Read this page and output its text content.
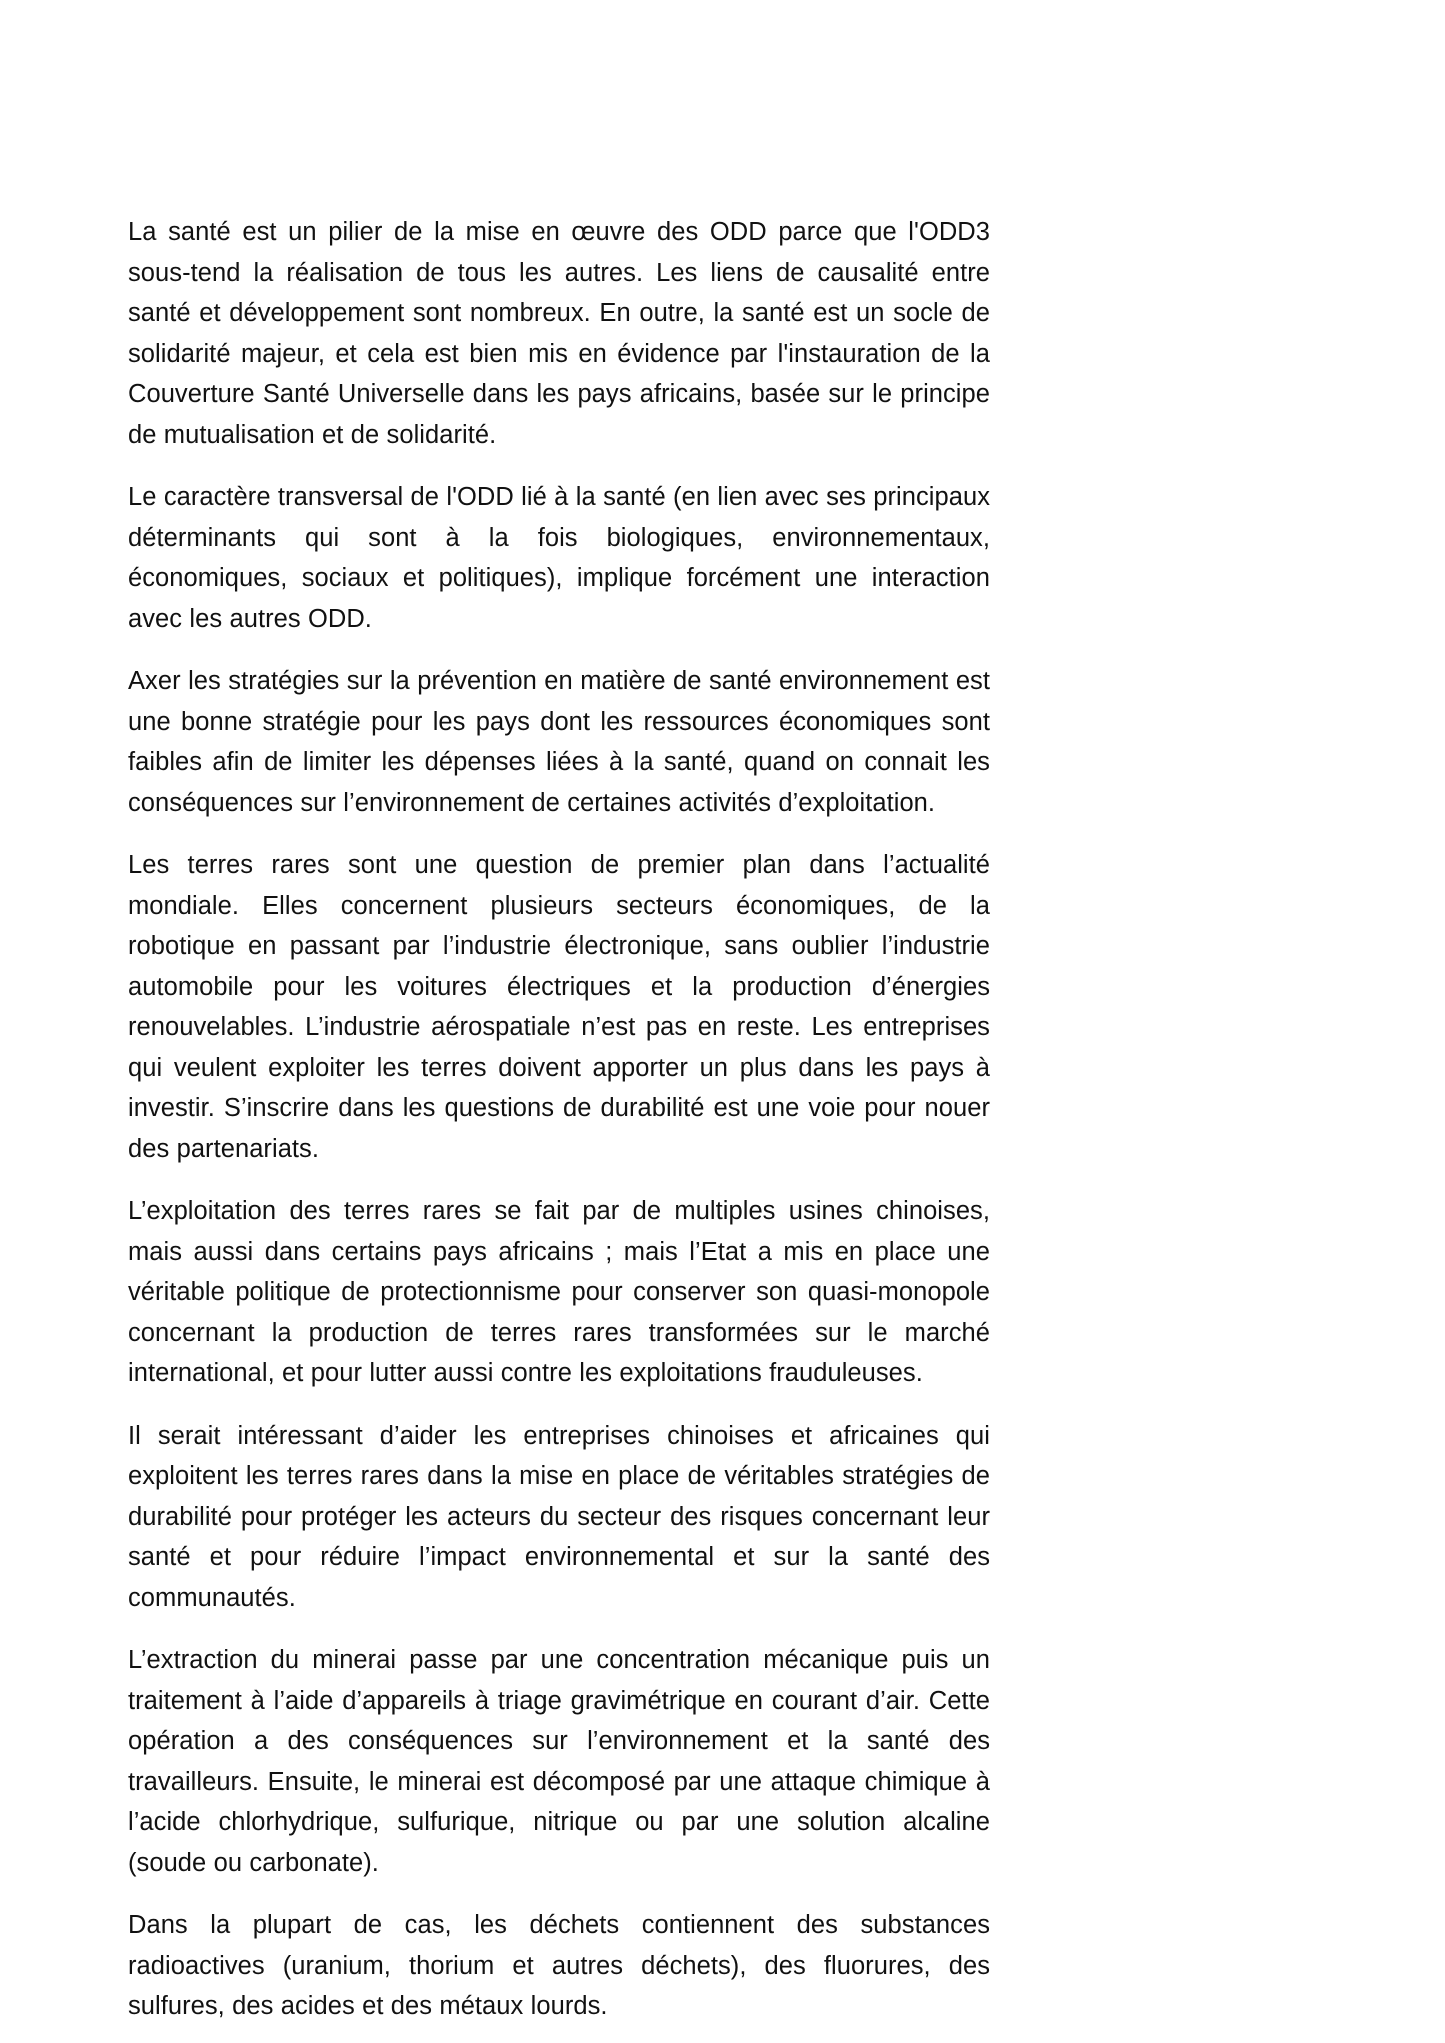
La santé est un pilier de la mise en œuvre des ODD parce que l'ODD3 sous-tend la réalisation de tous les autres. Les liens de causalité entre santé et développement sont nombreux. En outre, la santé est un socle de solidarité majeur, et cela est bien mis en évidence par l'instauration de la Couverture Santé Universelle dans les pays africains, basée sur le principe de mutualisation et de solidarité.

Le caractère transversal de l'ODD lié à la santé (en lien avec ses principaux déterminants qui sont à la fois biologiques, environnementaux, économiques, sociaux et politiques), implique forcément une interaction avec les autres ODD.

Axer les stratégies sur la prévention en matière de santé environnement est une bonne stratégie pour les pays dont les ressources économiques sont faibles afin de limiter les dépenses liées à la santé, quand on connait les conséquences sur l’environnement de certaines activités d’exploitation.

Les terres rares sont une question de premier plan dans l’actualité mondiale. Elles concernent plusieurs secteurs économiques, de la robotique en passant par l’industrie électronique, sans oublier l’industrie automobile pour les voitures électriques et la production d’énergies renouvelables. L’industrie aérospatiale n’est pas en reste. Les entreprises qui veulent exploiter les terres doivent apporter un plus dans les pays à investir. S’inscrire dans les questions de durabilité est une voie pour nouer des partenariats.

L’exploitation des terres rares se fait par de multiples usines chinoises, mais aussi dans certains pays africains ; mais l’Etat a mis en place une véritable politique de protectionnisme pour conserver son quasi-monopole concernant la production de terres rares transformées sur le marché international, et pour lutter aussi contre les exploitations frauduleuses.

Il serait intéressant d’aider les entreprises chinoises et africaines qui exploitent les terres rares dans la mise en place de véritables stratégies de durabilité pour protéger les acteurs du secteur des risques concernant leur santé et pour réduire l’impact environnemental et sur la santé des communautés.

L’extraction du minerai passe par une concentration mécanique puis un traitement à l’aide d’appareils à triage gravimétrique en courant d’air. Cette opération a des conséquences sur l’environnement et la santé des travailleurs. Ensuite, le minerai est décomposé par une attaque chimique à l’acide chlorhydrique, sulfurique, nitrique ou par une solution alcaline (soude ou carbonate).

Dans la plupart de cas, les déchets contiennent des substances radioactives (uranium, thorium et autres déchets), des fluorures, des sulfures, des acides et des métaux lourds.
